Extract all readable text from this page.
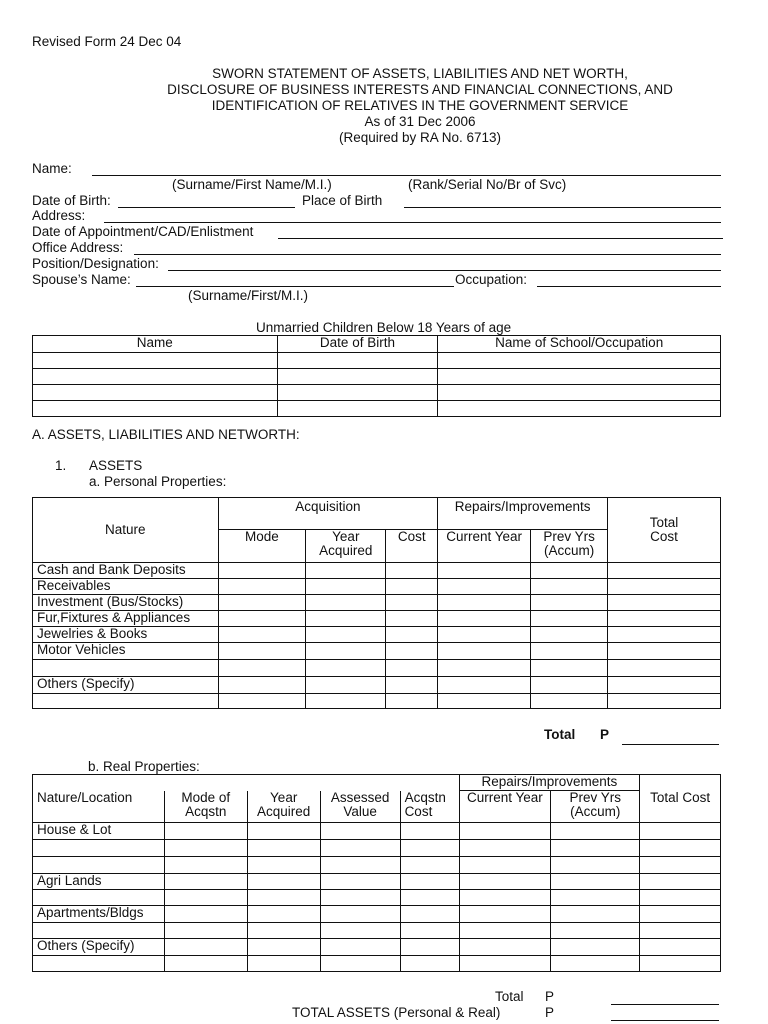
Revised Form 24 Dec 04
SWORN STATEMENT OF ASSETS, LIABILITIES AND NET WORTH,
DISCLOSURE OF BUSINESS INTERESTS AND FINANCIAL CONNECTIONS, AND
IDENTIFICATION OF RELATIVES IN THE GOVERNMENT SERVICE
As of 31 Dec 2006
(Required by RA No. 6713)
Name:
(Surname/First Name/M.I.)	(Rank/Serial No/Br of Svc)
Date of Birth:	Place of Birth
Address:
Date of Appointment/CAD/Enlistment
Office Address:
Position/Designation:
Spouse’s Name:	Occupation:
(Surname/First/M.I.)
Unmarried Children Below 18 Years of age
Name	Date of Birth	Name of School/Occupation

A. ASSETS, LIABILITIES AND NETWORTH:
1. ASSETS
a. Personal Properties:
Nature	Acquisition			Repairs/Improvements		Total Cost
	Mode	Year Acquired	Cost	Current Year	Prev Yrs (Accum)	
Cash and Bank Deposits						
Receivables						
Investment (Bus/Stocks)						
Fur,Fixtures & Appliances						
Jewelries & Books						
Motor Vehicles						

Others (Specify)						

Total P
b. Real Properties:
					Repairs/Improvements		
Nature/Location	Mode of Acqstn	Year Acquired	Assessed Value	Acqstn Cost	Current Year	Prev Yrs (Accum)	Total Cost
House & Lot							

Agri Lands							

Apartments/Bldgs							

Others (Specify)							

Total P
TOTAL ASSETS (Personal & Real)	P
